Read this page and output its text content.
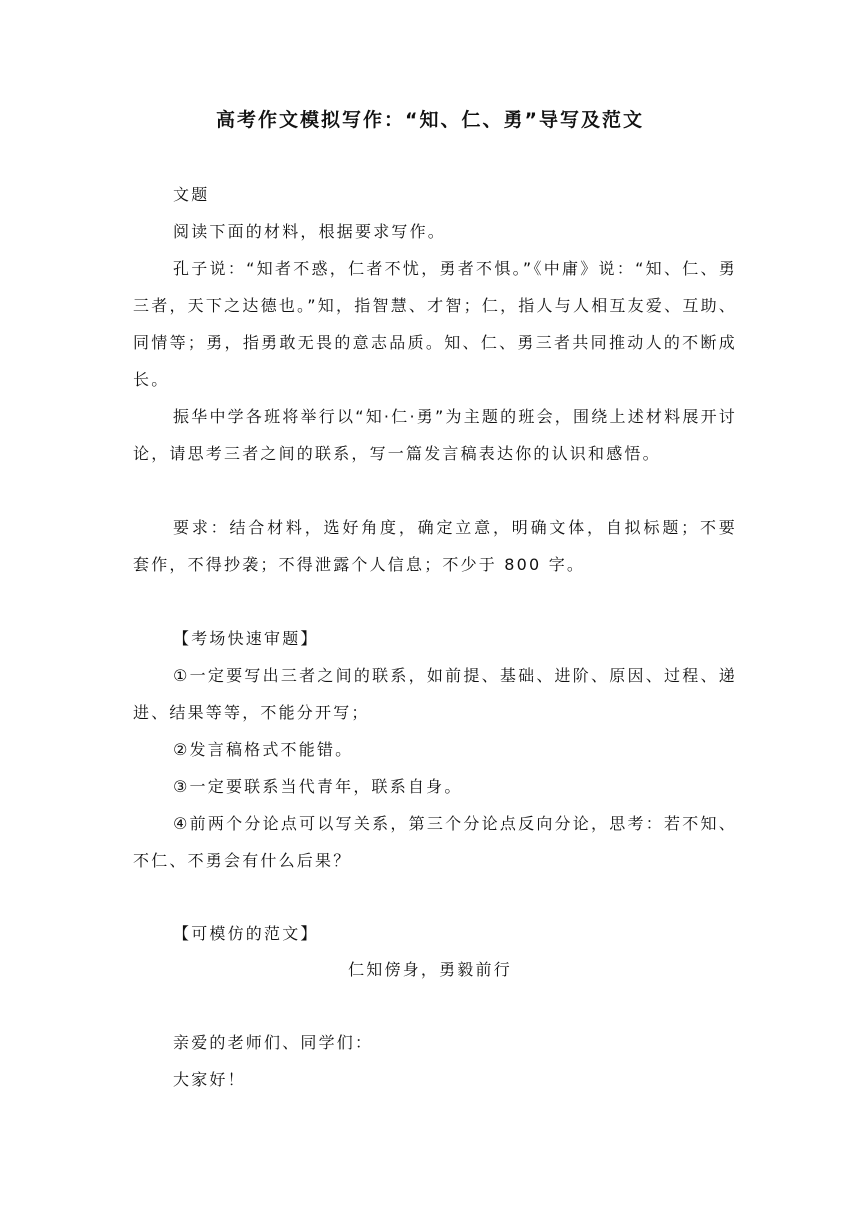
高考作文模拟写作：“知、仁、勇”导写及范文

文题

阅读下面的材料，根据要求写作。

孔子说：“知者不惑，仁者不忧，勇者不惧。”《中庸》说：“知、仁、勇三者，天下之达德也。”知，指智慧、才智；仁，指人与人相互友爱、互助、同情等；勇，指勇敢无畏的意志品质。知、仁、勇三者共同推动人的不断成长。

振华中学各班将举行以“知·仁·勇”为主题的班会，围绕上述材料展开讨论，请思考三者之间的联系，写一篇发言稿表达你的认识和感悟。

要求：结合材料，选好角度，确定立意，明确文体，自拟标题；不要套作，不得抄袭；不得泄露个人信息；不少于 800 字。

【考场快速审题】

①一定要写出三者之间的联系，如前提、基础、进阶、原因、过程、递进、结果等等，不能分开写；

②发言稿格式不能错。

③一定要联系当代青年，联系自身。

④前两个分论点可以写关系，第三个分论点反向分论，思考：若不知、不仁、不勇会有什么后果？

【可模仿的范文】

仁知傍身，勇毅前行

亲爱的老师们、同学们：

大家好！
